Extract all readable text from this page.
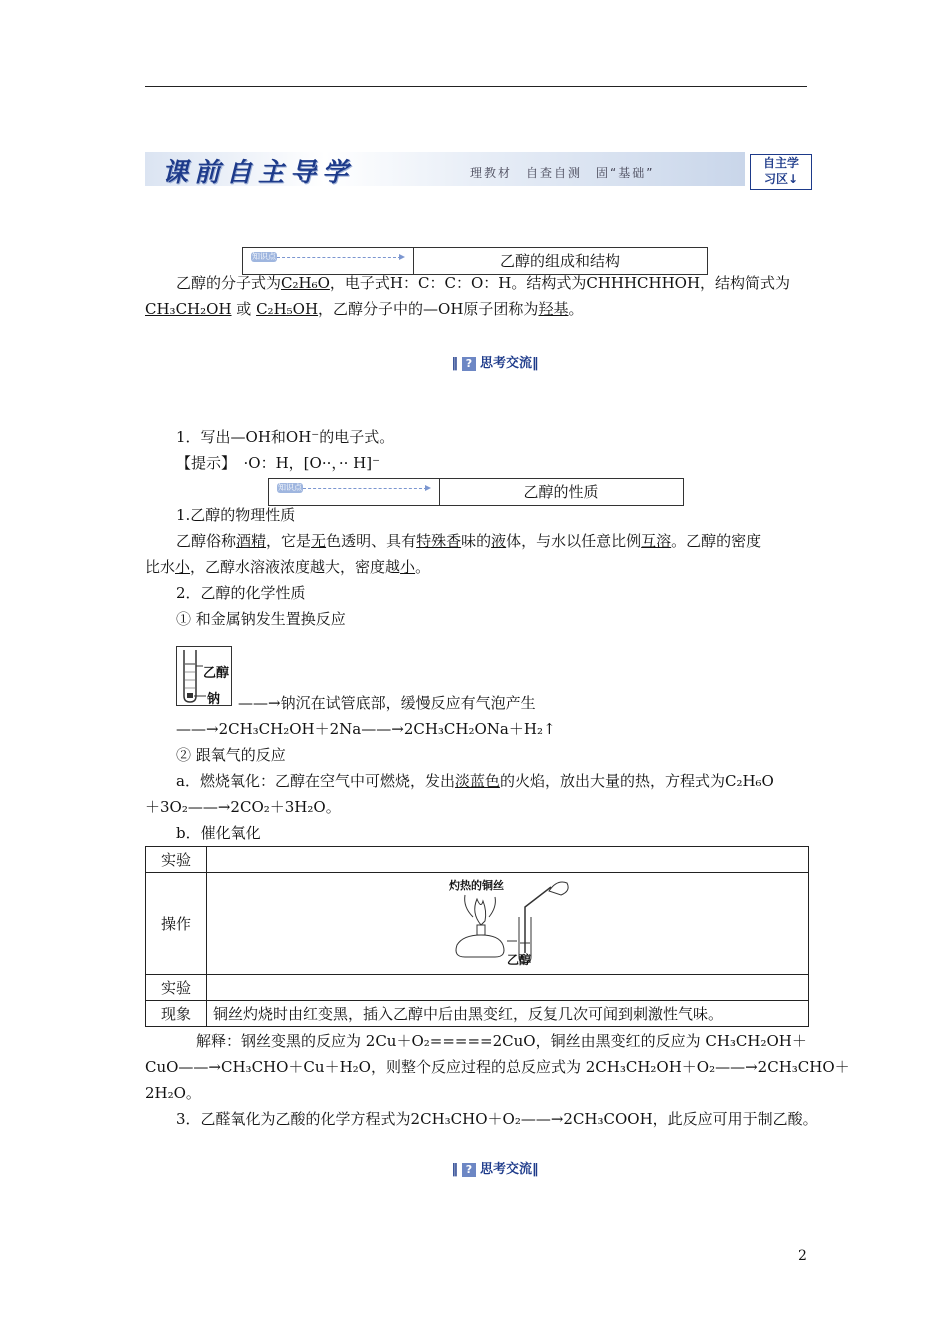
课前自主导学	理教材　自查自测　固“基础”
自主学
习区↓
知识点1	乙醇的组成和结构
乙醇的分子式为C₂H₆O，电子式H：C：C：O：H。结构式为CHHHCHHOH，结构简式为
CH₃CH₂OH 或 C₂H₅OH，乙醇分子中的—OH原子团称为羟基。
‖ ? 思考交流‖
1．写出—OH和OH⁻的电子式。
【提示】　 ·O：H，[O··，·· H]⁻
知识点2	乙醇的性质
1.乙醇的物理性质
乙醇俗称酒精，它是无色透明、具有特殊香味的液体，与水以任意比例互溶。乙醇的密度
比水小，乙醇水溶液浓度越大，密度越小。
2．乙醇的化学性质
① 和金属钠发生置换反应
乙醇
钠 ——→钠沉在试管底部，缓慢反应有气泡产生
——→2CH₃CH₂OH＋2Na——→2CH₃CH₂ONa＋H₂↑
② 跟氧气的反应
a．燃烧氧化：乙醇在空气中可燃烧，发出淡蓝色的火焰，放出大量的热，方程式为C₂H₆O
＋3O₂——→2CO₂＋3H₂O。
b．催化氧化
实验	
操作	灼热的铜丝
乙醇

实验	
现象	铜丝灼烧时由红变黑，插入乙醇中后由黑变红，反复几次可闻到刺激性气味。
解释：钢丝变黑的反应为 2Cu＋O₂=====2CuO，铜丝由黑变红的反应为 CH₃CH₂OH＋
CuO——→CH₃CHO＋Cu＋H₂O，则整个反应过程的总反应式为 2CH₃CH₂OH＋O₂——→2CH₃CHO＋
2H₂O。
3．乙醛氧化为乙酸的化学方程式为2CH₃CHO＋O₂——→2CH₃COOH，此反应可用于制乙酸。
‖ ? 思考交流‖
2
